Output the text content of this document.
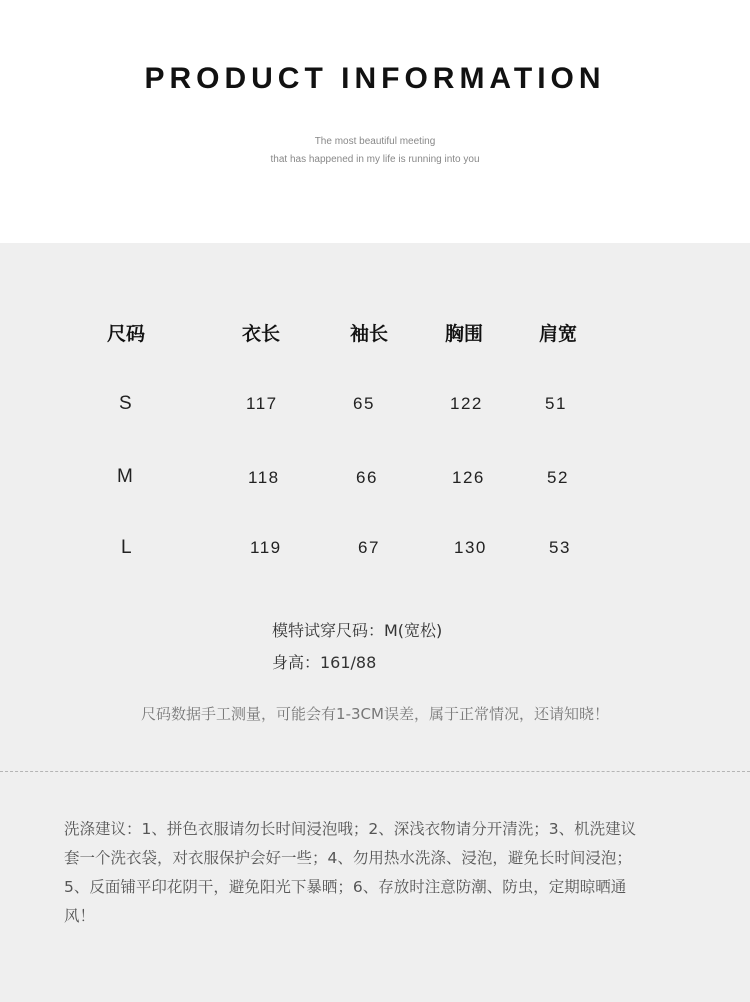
PRODUCT INFORMATION
The most beautiful meeting
that has happened in my life is running into you
尺码	衣长	袖长	胸围	肩宽
S	117	65	122	51
M	118	66	126	52
L	119	67	130	53
模特试穿尺码：M(宽松)
身高：161/88
尺码数据手工测量，可能会有1-3CM误差，属于正常情况，还请知晓！
洗涤建议：1、拼色衣服请勿长时间浸泡哦；2、深浅衣物请分开清洗；3、机洗建议
套一个洗衣袋，对衣服保护会好一些；4、勿用热水洗涤、浸泡，避免长时间浸泡；
5、反面铺平印花阴干，避免阳光下暴晒；6、存放时注意防潮、防虫，定期晾晒通
风！
